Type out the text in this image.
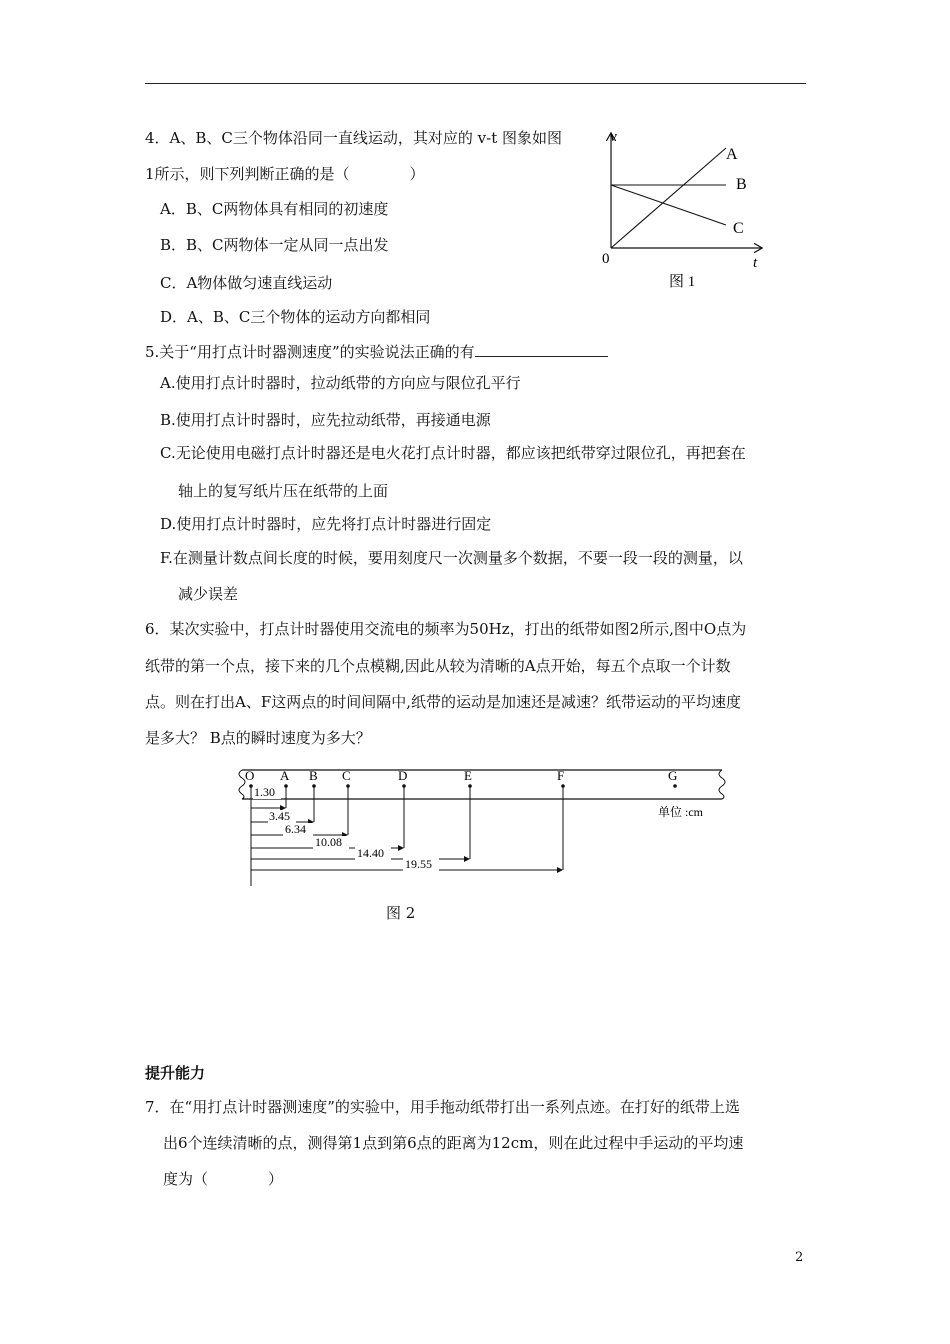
4．A、B、C三个物体沿同一直线运动，其对应的 v-t 图象如图
1所示，则下列判断正确的是（　　　　）
A．B、C两物体具有相同的初速度
B．B、C两物体一定从同一点出发
C．A物体做匀速直线运动
D．A、B、C三个物体的运动方向都相同
v
t
0
A
B
C
图 1
5.关于“用打点计时器测速度”的实验说法正确的有
A.使用打点计时器时，拉动纸带的方向应与限位孔平行
B.使用打点计时器时，应先拉动纸带，再接通电源
C.无论使用电磁打点计时器还是电火花打点计时器，都应该把纸带穿过限位孔，再把套在
轴上的复写纸片压在纸带的上面
D.使用打点计时器时，应先将打点计时器进行固定
F.在测量计数点间长度的时候，要用刻度尺一次测量多个数据，不要一段一段的测量，以
减少误差
6．某次实验中，打点计时器使用交流电的频率为50Hz，打出的纸带如图2所示,图中O点为
纸带的第一个点，接下来的几个点模糊,因此从较为清晰的A点开始，每五个点取一个计数
点。则在打出A、F这两点的时间间隔中,纸带的运动是加速还是减速？纸带运动的平均速度
是多大？ B点的瞬时速度为多大？
O A B C	D	E	F	G
1.30
3.45
6.34
10.08
14.40
19.55
单位 :cm
图 2
提升能力
7．在“用打点计时器测速度”的实验中，用手拖动纸带打出一系列点迹。在打好的纸带上选
出6个连续清晰的点，测得第1点到第6点的距离为12cm，则在此过程中手运动的平均速
度为（　　　　）
2
